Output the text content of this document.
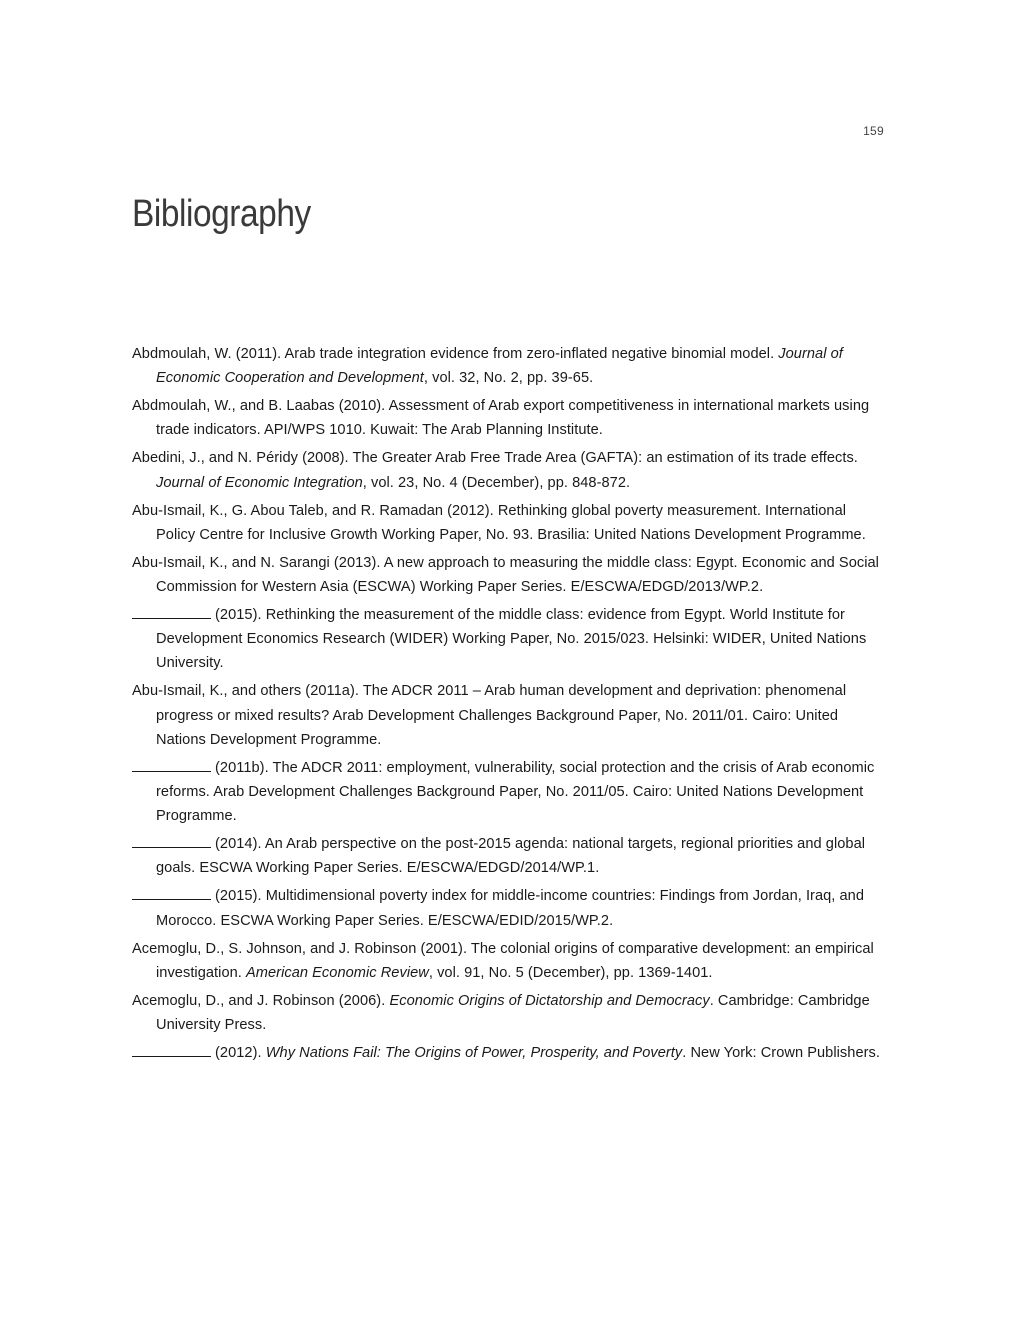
159
Bibliography
Abdmoulah, W. (2011). Arab trade integration evidence from zero-inflated negative binomial model. Journal of Economic Cooperation and Development, vol. 32, No. 2, pp. 39-65.
Abdmoulah, W., and B. Laabas (2010). Assessment of Arab export competitiveness in international markets using trade indicators. API/WPS 1010. Kuwait: The Arab Planning Institute.
Abedini, J., and N. Péridy (2008). The Greater Arab Free Trade Area (GAFTA): an estimation of its trade effects. Journal of Economic Integration, vol. 23, No. 4 (December), pp. 848-872.
Abu-Ismail, K., G. Abou Taleb, and R. Ramadan (2012). Rethinking global poverty measurement. International Policy Centre for Inclusive Growth Working Paper, No. 93. Brasilia: United Nations Development Programme.
Abu-Ismail, K., and N. Sarangi (2013). A new approach to measuring the middle class: Egypt. Economic and Social Commission for Western Asia (ESCWA) Working Paper Series. E/ESCWA/EDGD/2013/WP.2.
(2015). Rethinking the measurement of the middle class: evidence from Egypt. World Institute for Development Economics Research (WIDER) Working Paper, No. 2015/023. Helsinki: WIDER, United Nations University.
Abu-Ismail, K., and others (2011a). The ADCR 2011 – Arab human development and deprivation: phenomenal progress or mixed results? Arab Development Challenges Background Paper, No. 2011/01. Cairo: United Nations Development Programme.
(2011b). The ADCR 2011: employment, vulnerability, social protection and the crisis of Arab economic reforms. Arab Development Challenges Background Paper, No. 2011/05. Cairo: United Nations Development Programme.
(2014). An Arab perspective on the post-2015 agenda: national targets, regional priorities and global goals. ESCWA Working Paper Series. E/ESCWA/EDGD/2014/WP.1.
(2015). Multidimensional poverty index for middle-income countries: Findings from Jordan, Iraq, and Morocco. ESCWA Working Paper Series. E/ESCWA/EDID/2015/WP.2.
Acemoglu, D., S. Johnson, and J. Robinson (2001). The colonial origins of comparative development: an empirical investigation. American Economic Review, vol. 91, No. 5 (December), pp. 1369-1401.
Acemoglu, D., and J. Robinson (2006). Economic Origins of Dictatorship and Democracy. Cambridge: Cambridge University Press.
(2012). Why Nations Fail: The Origins of Power, Prosperity, and Poverty. New York: Crown Publishers.
